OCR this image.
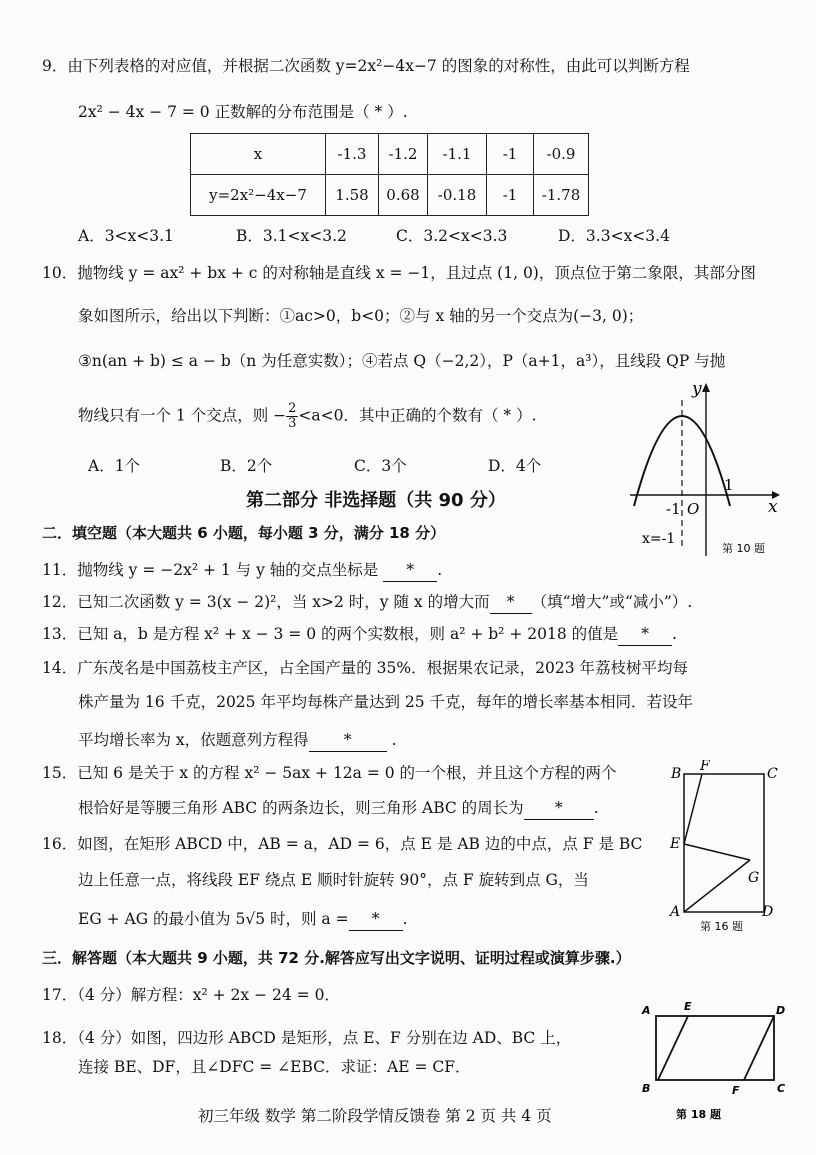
9．由下列表格的对应值，并根据二次函数 y=2x²−4x−7 的图象的对称性，由此可以判断方程
2x² − 4x − 7 = 0 正数解的分布范围是（ * ）.
x	-1.3	-1.2	-1.1	-1	-0.9
y=2x²−4x−7	1.58	0.68	-0.18	-1	-1.78
A．3<x<3.1	B．3.1<x<3.2	C．3.2<x<3.3	D．3.3<x<3.4
10．抛物线 y = ax² + bx + c 的对称轴是直线 x = −1，且过点 (1, 0)，顶点位于第二象限，其部分图
象如图所示，给出以下判断：①ac>0，b<0；②与 x 轴的另一个交点为(−3, 0)；
③n(an + b) ≤ a − b（n 为任意实数）；④若点 Q（−2,2），P（a+1，a³），且线段 QP 与抛
物线只有一个 1 个交点，则 − $\frac{2}{3} <a<0$．其中正确的个数有（ * ）.
A．1个	B．2个	C．3个	D．4个
y
x
-1 O
1
x=-1
第 10 题
第二部分 非选择题（共 90 分）
二．填空题（本大题共 6 小题，每小题 3 分，满分 18 分）
11．抛物线 y = −2x² + 1 与 y 轴的交点坐标是 * .
12．已知二次函数 y = 3(x − 2)²，当 x>2 时，y 随 x 的增大而 * （填“增大”或“减小”）.
13．已知 a，b 是方程 x² + x − 3 = 0 的两个实数根，则 a² + b² + 2018 的值是 * .
14．广东茂名是中国荔枝主产区，占全国产量的 35%．根据果农记录，2023 年荔枝树平均每
株产量为 16 千克，2025 年平均每株产量达到 25 千克，每年的增长率基本相同．若设年
平均增长率为 x，依题意列方程得 *	.
15．已知 6 是关于 x 的方程 x² − 5ax + 12a = 0 的一个根，并且这个方程的两个
根恰好是等腰三角形 ABC 的两条边长，则三角形 ABC 的周长为 * .
16．如图，在矩形 ABCD 中，AB = a，AD = 6，点 E 是 AB 边的中点，点 F 是 BC
边上任意一点，将线段 EF 绕点 E 顺时针旋转 90°，点 F 旋转到点 G，当
EG + AG 的最小值为 5√5 时，则 a = * .
B F	C
E
G
A	D
第 16 题
三．解答题（本大题共 9 小题，共 72 分.解答应写出文字说明、证明过程或演算步骤.）
17．（4 分）解方程：x² + 2x − 24 = 0．
18．（4 分）如图，四边形 ABCD 是矩形，点 E、F 分别在边 AD、BC 上，
连接 BE、DF，且∠DFC = ∠EBC．求证：AE = CF．
A	E	D
B	F	C
第 18 题
初三年级 数学 第二阶段学情反馈卷 第 2 页 共 4 页
